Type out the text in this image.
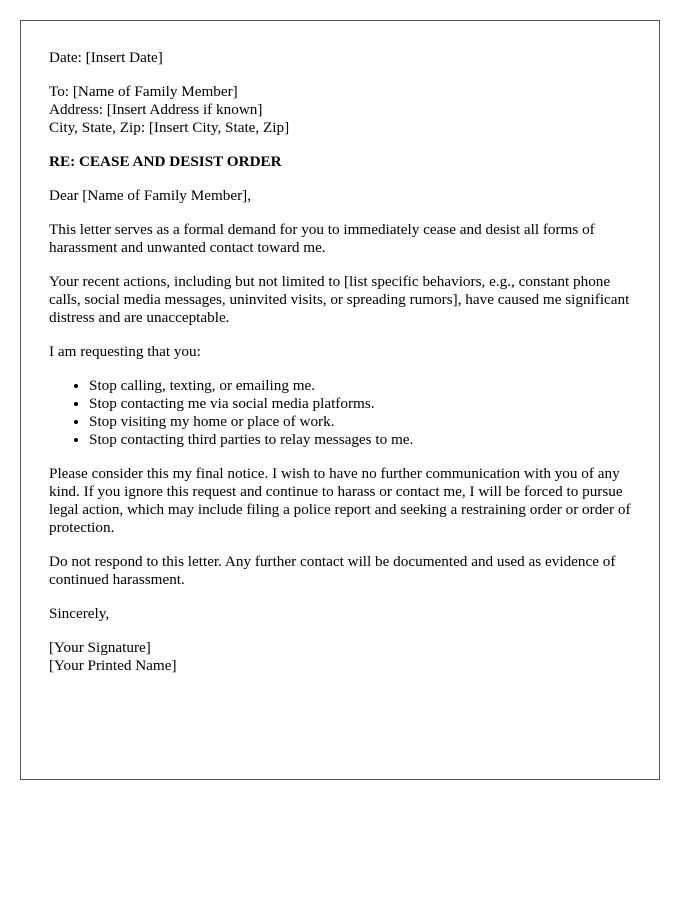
Date: [Insert Date]

To: [Name of Family Member]
Address: [Insert Address if known]
City, State, Zip: [Insert City, State, Zip]

RE: CEASE AND DESIST ORDER

Dear [Name of Family Member],

This letter serves as a formal demand for you to immediately cease and desist all forms of harassment and unwanted contact toward me.

Your recent actions, including but not limited to [list specific behaviors, e.g., constant phone calls, social media messages, uninvited visits, or spreading rumors], have caused me significant distress and are unacceptable.

I am requesting that you:

• Stop calling, texting, or emailing me.
• Stop contacting me via social media platforms.
• Stop visiting my home or place of work.
• Stop contacting third parties to relay messages to me.

Please consider this my final notice. I wish to have no further communication with you of any kind. If you ignore this request and continue to harass or contact me, I will be forced to pursue legal action, which may include filing a police report and seeking a restraining order or order of protection.

Do not respond to this letter. Any further contact will be documented and used as evidence of continued harassment.

Sincerely,

[Your Signature]
[Your Printed Name]
